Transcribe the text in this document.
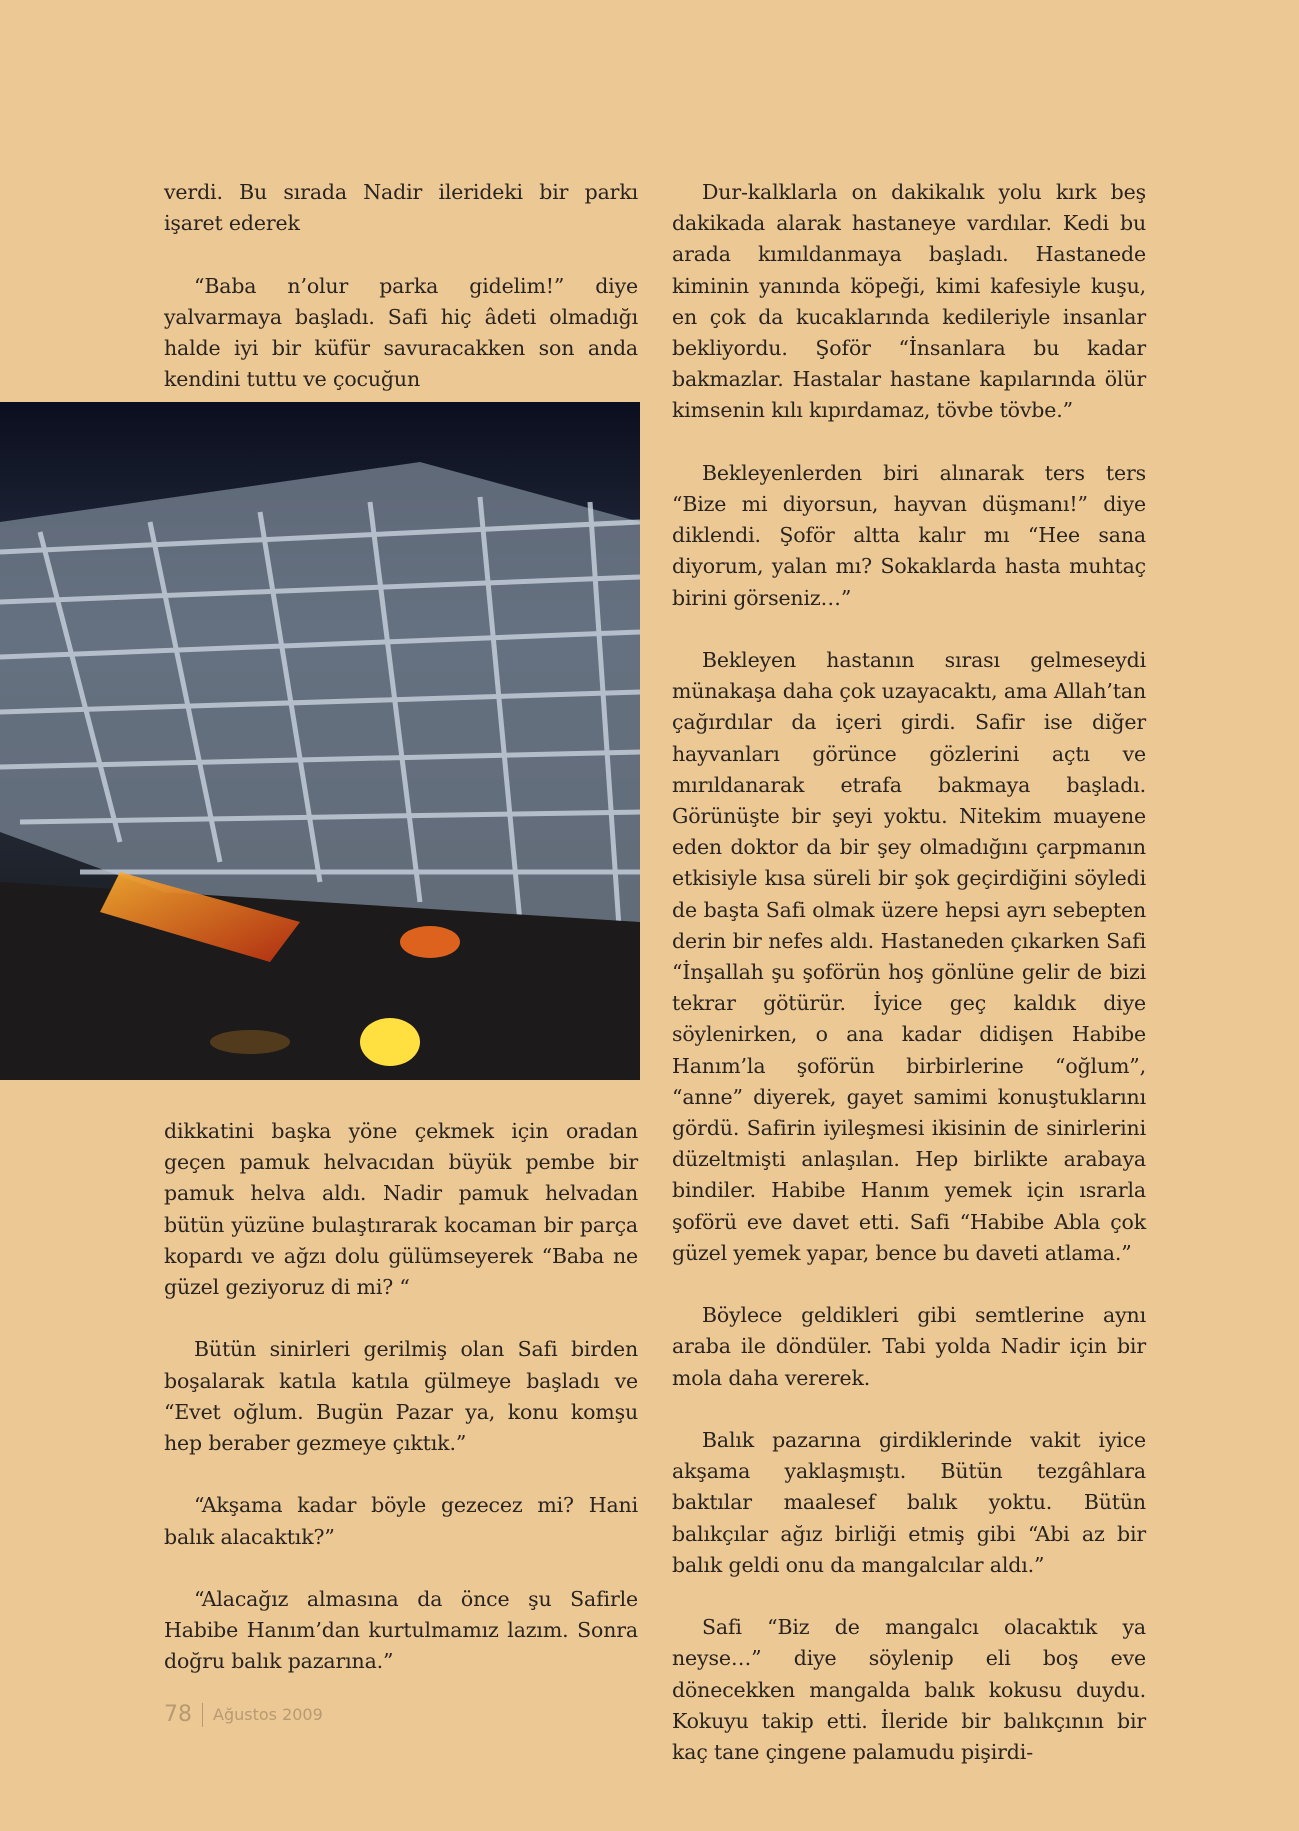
verdi. Bu sırada Nadir ilerideki bir parkı işaret ederek

“Baba n’olur parka gidelim!” diye yalvarmaya başladı. Safi hiç âdeti olmadığı halde iyi bir küfür savuracakken son anda kendini tuttu ve çocuğun

dikkatini başka yöne çekmek için oradan geçen pamuk helvacıdan büyük pembe bir pamuk helva aldı. Nadir pamuk helvadan bütün yüzüne bulaştırarak kocaman bir parça kopardı ve ağzı dolu gülümseyerek “Baba ne güzel geziyoruz di mi? “

Bütün sinirleri gerilmiş olan Safi birden boşalarak katıla katıla gülmeye başladı ve “Evet oğlum. Bugün Pazar ya, konu komşu hep beraber gezmeye çıktık.”

“Akşama kadar böyle gezecez mi? Hani balık alacaktık?”

“Alacağız almasına da önce şu Safirle Habibe Hanım’dan kurtulmamız lazım. Sonra doğru balık pazarına.”

Dur-kalklarla on dakikalık yolu kırk beş dakikada alarak hastaneye vardılar. Kedi bu arada kımıldanmaya başladı. Hastanede kiminin yanında köpeği, kimi kafesiyle kuşu, en çok da kucaklarında kedileriyle insanlar bekliyordu. Şoför “İnsanlara bu kadar bakmazlar. Hastalar hastane kapılarında ölür kimsenin kılı kıpırdamaz, tövbe tövbe.”

Bekleyenlerden biri alınarak ters ters “Bize mi diyorsun, hayvan düşmanı!” diye diklendi. Şoför altta kalır mı “Hee sana diyorum, yalan mı? Sokaklarda hasta muhtaç birini görseniz…”

Bekleyen hastanın sırası gelmeseydi münakaşa daha çok uzayacaktı, ama Allah’tan çağırdılar da içeri girdi. Safir ise diğer hayvanları görünce gözlerini açtı ve mırıldanarak etrafa bakmaya başladı. Görünüşte bir şeyi yoktu. Nitekim muayene eden doktor da bir şey olmadığını çarpmanın etkisiyle kısa süreli bir şok geçirdiğini söyledi de başta Safi olmak üzere hepsi ayrı sebepten derin bir nefes aldı. Hastaneden çıkarken Safi “İnşallah şu şoförün hoş gönlüne gelir de bizi tekrar götürür. İyice geç kaldık diye söylenirken, o ana kadar didişen Habibe Hanım’la şoförün birbirlerine “oğlum”, “anne” diyerek, gayet samimi konuştuklarını gördü. Safirin iyileşmesi ikisinin de sinirlerini düzeltmişti anlaşılan. Hep birlikte arabaya bindiler. Habibe Hanım yemek için ısrarla şoförü eve davet etti. Safi “Habibe Abla çok güzel yemek yapar, bence bu daveti atlama.”

Böylece geldikleri gibi semtlerine aynı araba ile döndüler. Tabi yolda Nadir için bir mola daha vererek.

Balık pazarına girdiklerinde vakit iyice akşama yaklaşmıştı. Bütün tezgâhlara baktılar maalesef balık yoktu. Bütün balıkçılar ağız birliği etmiş gibi “Abi az bir balık geldi onu da mangalcılar aldı.”

Safi “Biz de mangalcı olacaktık ya neyse…” diye söylenip eli boş eve dönecekken mangalda balık kokusu duydu. Kokuyu takip etti. İleride bir balıkçının bir kaç tane çingene palamudu pişirdi-

78 Ağustos 2009
